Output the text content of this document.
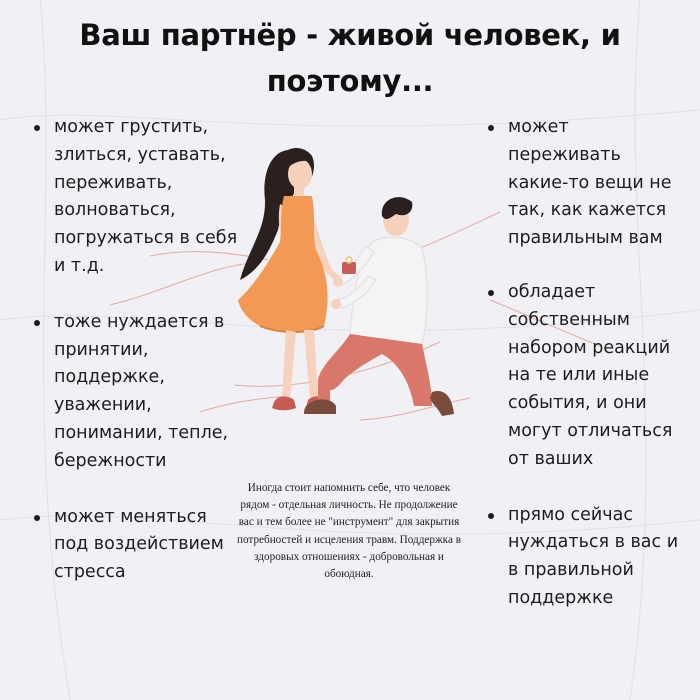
Ваш партнёр - живой человек, и поэтому...
может грустить, злиться, уставать, переживать, волноваться, погружаться в себя и т.д.
тоже нуждается в принятии, поддержке, уважении, понимании, тепле, бережности
может меняться под воздействием стресса
может переживать какие-то вещи не так, как кажется правильным вам
обладает собственным набором реакций на те или иные события, и они могут отличаться от ваших
прямо сейчас нуждаться в вас и в правильной поддержке
Иногда стоит напомнить себе, что человек рядом - отдельная личность. Не продолжение вас и тем более не "инструмент" для закрытия потребностей и исцеления травм. Поддержка в здоровых отношениях - добровольная и обоюдная.
